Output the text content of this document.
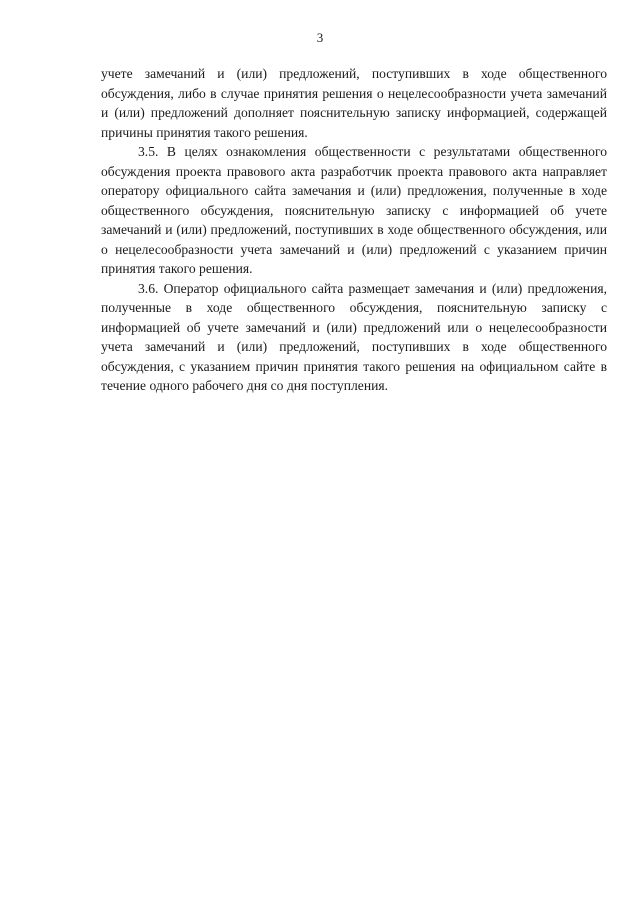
3

учете замечаний и (или) предложений, поступивших в ходе общественного обсуждения, либо в случае принятия решения о нецелесообразности учета замечаний и (или) предложений дополняет пояснительную записку информацией, содержащей причины принятия такого решения.

3.5. В целях ознакомления общественности с результатами общественного обсуждения проекта правового акта разработчик проекта правового акта направляет оператору официального сайта замечания и (или) предложения, полученные в ходе общественного обсуждения, пояснительную записку с информацией об учете замечаний и (или) предложений, поступивших в ходе общественного обсуждения, или о нецелесообразности учета замечаний и (или) предложений с указанием причин принятия такого решения.

3.6. Оператор официального сайта размещает замечания и (или) предложения, полученные в ходе общественного обсуждения, пояснительную записку с информацией об учете замечаний и (или) предложений или о нецелесообразности учета замечаний и (или) предложений, поступивших в ходе общественного обсуждения, с указанием причин принятия такого решения на официальном сайте в течение одного рабочего дня со дня поступления.
